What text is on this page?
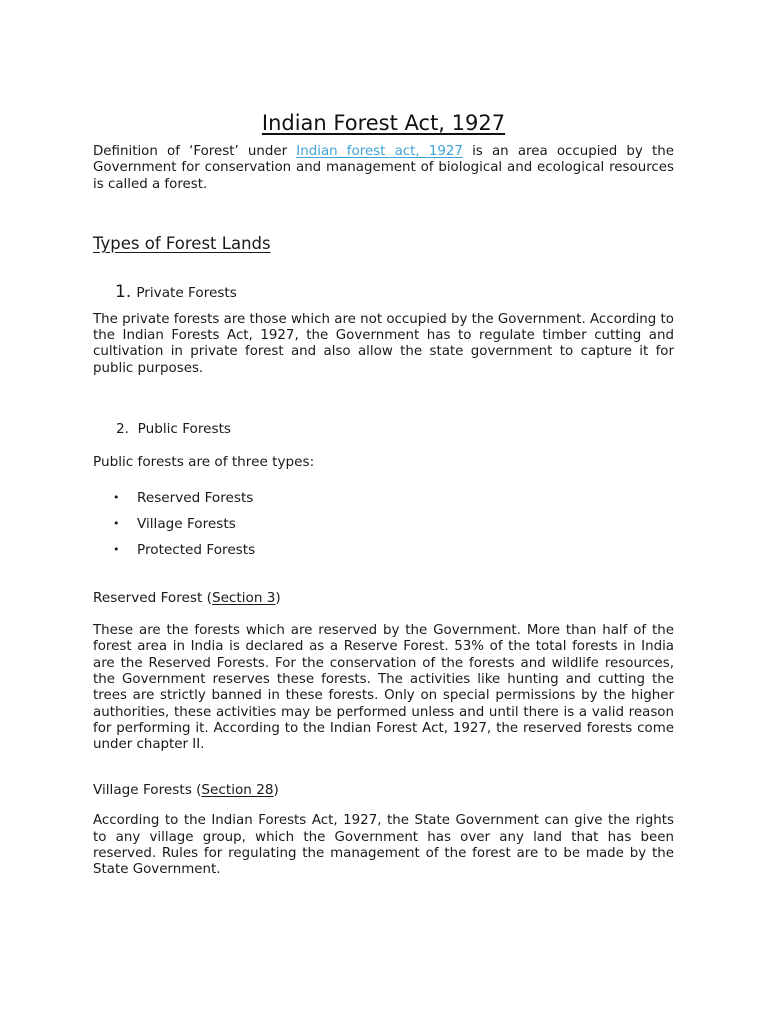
Indian Forest Act, 1927

Definition of ‘Forest’ under Indian forest act, 1927 is an area occupied by the Government for conservation and management of biological and ecological resources is called a forest.

Types of Forest Lands
1. Private Forests

The private forests are those which are not occupied by the Government. According to the Indian Forests Act, 1927, the Government has to regulate timber cutting and cultivation in private forest and also allow the state government to capture it for public purposes.

2. Public Forests

Public forests are of three types:

• Reserved Forests
• Village Forests
• Protected Forests

Reserved Forest (Section 3)

These are the forests which are reserved by the Government. More than half of the forest area in India is declared as a Reserve Forest. 53% of the total forests in India are the Reserved Forests. For the conservation of the forests and wildlife resources, the Government reserves these forests. The activities like hunting and cutting the trees are strictly banned in these forests. Only on special permissions by the higher authorities, these activities may be performed unless and until there is a valid reason for performing it. According to the Indian Forest Act, 1927, the reserved forests come under chapter II.

Village Forests (Section 28)

According to the Indian Forests Act, 1927, the State Government can give the rights to any village group, which the Government has over any land that has been reserved. Rules for regulating the management of the forest are to be made by the State Government.
